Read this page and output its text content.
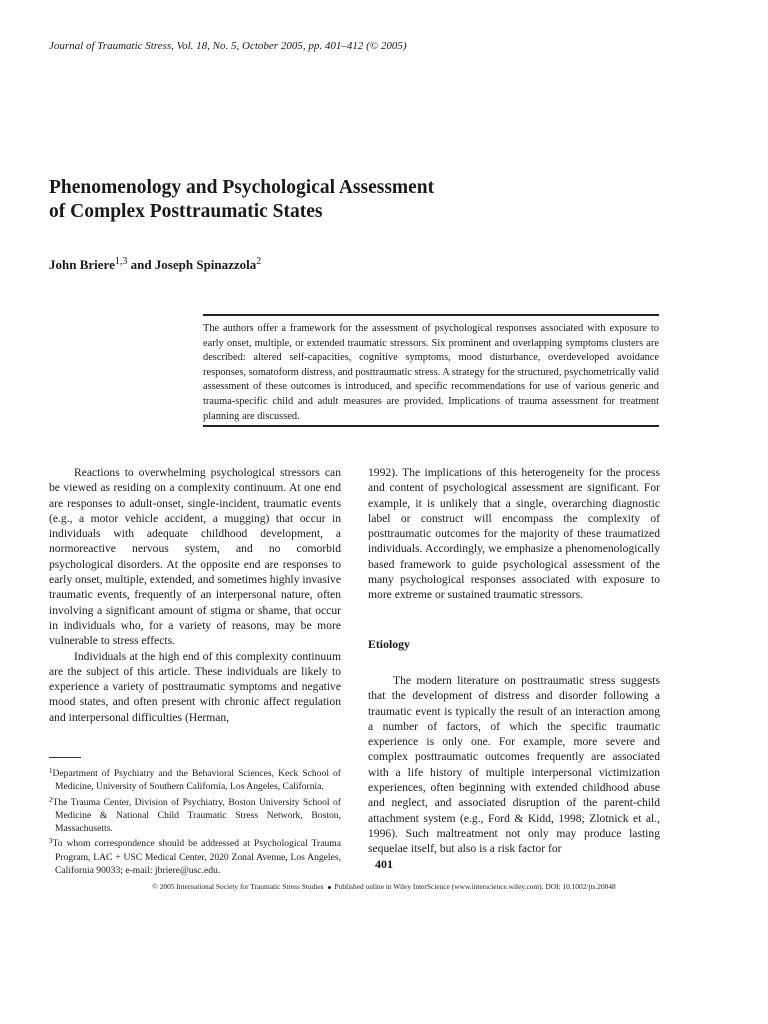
Journal of Traumatic Stress, Vol. 18, No. 5, October 2005, pp. 401–412 (© 2005)
Phenomenology and Psychological Assessment
of Complex Posttraumatic States
John Briere$^{1,3}$ and Joseph Spinazzola$^2$

The authors offer a framework for the assessment of psychological responses associated with exposure to early onset, multiple, or extended traumatic stressors. Six prominent and overlapping symptoms clusters are described: altered self-capacities, cognitive symptoms, mood disturbance, overdeveloped avoidance responses, somatoform distress, and posttraumatic stress. A strategy for the structured, psychometrically valid assessment of these outcomes is introduced, and specific recommendations for use of various generic and trauma-specific child and adult measures are provided. Implications of trauma assessment for treatment planning are discussed.

Reactions to overwhelming psychological stressors can be viewed as residing on a complexity continuum. At one end are responses to adult-onset, single-incident, traumatic events (e.g., a motor vehicle accident, a mugging) that occur in individuals with adequate childhood development, a normoreactive nervous system, and no comorbid psychological disorders. At the opposite end are responses to early onset, multiple, extended, and sometimes highly invasive traumatic events, frequently of an interpersonal nature, often involving a significant amount of stigma or shame, that occur in individuals who, for a variety of reasons, may be more vulnerable to stress effects.

Individuals at the high end of this complexity continuum are the subject of this article. These individuals are likely to experience a variety of posttraumatic symptoms and negative mood states, and often present with chronic affect regulation and interpersonal difficulties (Herman,

1992). The implications of this heterogeneity for the process and content of psychological assessment are significant. For example, it is unlikely that a single, overarching diagnostic label or construct will encompass the complexity of posttraumatic outcomes for the majority of these traumatized individuals. Accordingly, we emphasize a phenomenologically based framework to guide psychological assessment of the many psychological responses associated with exposure to more extreme or sustained traumatic stressors.

Etiology

The modern literature on posttraumatic stress suggests that the development of distress and disorder following a traumatic event is typically the result of an interaction among a number of factors, of which the specific traumatic experience is only one. For example, more severe and complex posttraumatic outcomes frequently are associated with a life history of multiple interpersonal victimization experiences, often beginning with extended childhood abuse and neglect, and associated disruption of the parent-child attachment system (e.g., Ford & Kidd, 1998; Zlotnick et al., 1996). Such maltreatment not only may produce lasting sequelae itself, but also is a risk factor for

$^1$Department of Psychiatry and the Behavioral Sciences, Keck School of Medicine, University of Southern California, Los Angeles, California.
$^2$The Trauma Center, Division of Psychiatry, Boston University School of Medicine & National Child Traumatic Stress Network, Boston, Massachusetts.
$^3$To whom correspondence should be addressed at Psychological Trauma Program, LAC + USC Medical Center, 2020 Zonal Avenue, Los Angeles, California 90033; e-mail: jbriere@usc.edu.	401
© 2005 International Society for Traumatic Stress Studies Published online in Wiley InterScience (www.interscience.wiley.com). DOI: 10.1002/jts.20048
